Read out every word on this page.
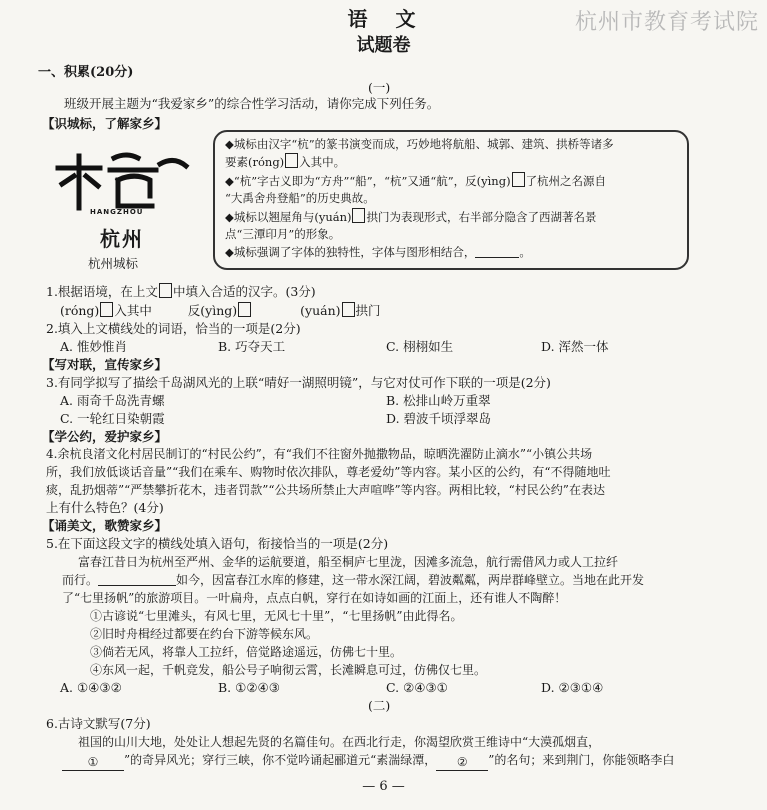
杭州市教育考试院
语　文
试题卷
一、积累(20分)
(一)
班级开展主题为“我爱家乡”的综合性学习活动，请你完成下列任务。
【识城标，了解家乡】
HANGZHOU
杭州
杭州城标
◆城标由汉字“杭”的篆书演变而成，巧妙地将航船、城郭、建筑、拱桥等诸多
要素(róng) 入其中。
◆“杭”字古义即为“方舟”“船”，“杭”又通“航”，反(yìng) 了杭州之名源自
“大禹舍舟登船”的历史典故。
◆城标以翘屋角与(yuán) 拱门为表现形式，右半部分隐含了西湖著名景
点“三潭印月”的形象。
◆城标强调了字体的独特性，字体与图形相结合，	。
1.根据语境，在上文 中填入合适的汉字。(3分)
(róng) 入其中	反(yìng)	(yuán) 拱门
2.填入上文横线处的词语，恰当的一项是(2分)
A. 惟妙惟肖	B. 巧夺天工	C. 栩栩如生	D. 浑然一体
【写对联，宣传家乡】
3.有同学拟写了描绘千岛湖风光的上联“晴好一湖照明镜”，与它对仗可作下联的一项是(2分)
A. 雨奇千岛洗青螺	B. 松排山岭万重翠
C. 一轮红日染朝霞	D. 碧波千顷浮翠岛
【学公约，爱护家乡】
4.余杭良渚文化村居民制订的“村民公约”，有“我们不往窗外抛撒物品，晾晒洗濯防止滴水”“小镇公共场
所，我们放低谈话音量”“我们在乘车、购物时依次排队，尊老爱幼”等内容。某小区的公约，有“不得随地吐
痰，乱扔烟蒂”“严禁攀折花木，违者罚款”“公共场所禁止大声喧哗”等内容。两相比较，“村民公约”在表达
上有什么特色？(4分)
【诵美文，歌赞家乡】
5.在下面这段文字的横线处填入语句，衔接恰当的一项是(2分)
富春江昔日为杭州至严州、金华的运航要道，船至桐庐七里泷，因滩多流急，航行需借风力或人工拉纤
而行。	如今，因富春江水库的修建，这一带水深江阔，碧波粼粼，两岸群峰壁立。当地在此开发
了“七里扬帆”的旅游项目。一叶扁舟，点点白帆，穿行在如诗如画的江面上，还有谁人不陶醉！
①古谚说“七里滩头，有风七里，无风七十里”，“七里扬帆”由此得名。
②旧时舟楫经过都要在约台下游等候东风。
③倘若无风，将靠人工拉纤，倍觉路途遥远，仿佛七十里。
④东风一起，千帆竞发，船公号子响彻云霄，长滩瞬息可过，仿佛仅七里。
A. ①④③②	B. ①②④③	C. ②④③①	D. ②③①④
(二)
6.古诗文默写(7分)
祖国的山川大地，处处让人想起先贤的名篇佳句。在西北行走，你渴望欣赏王维诗中“大漠孤烟直，
① ”的奇异风光；穿行三峡，你不觉吟诵起郦道元“素湍绿潭， ② ”的名句；来到荆门，你能领略李白
— 6 —
